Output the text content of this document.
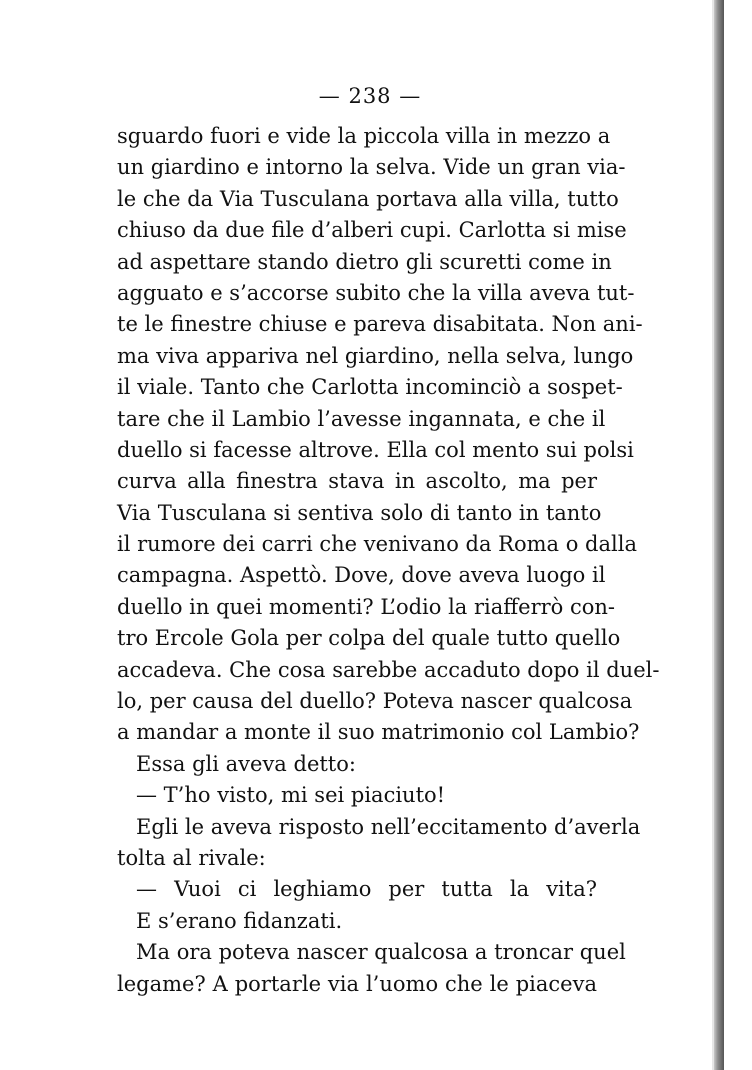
— 238 —
sguardo fuori e vide la piccola villa in mezzo a
un giardino e intorno la selva. Vide un gran via-
le che da Via Tusculana portava alla villa, tutto
chiuso da due file d’alberi cupi. Carlotta si mise
ad aspettare stando dietro gli scuretti come in
agguato e s’accorse subito che la villa aveva tut-
te le finestre chiuse e pareva disabitata. Non ani-
ma viva appariva nel giardino, nella selva, lungo
il viale. Tanto che Carlotta incominciò a sospet-
tare che il Lambio l’avesse ingannata, e che il
duello si facesse altrove. Ella col mento sui polsi
curva alla finestra stava in ascolto, ma per
Via Tusculana si sentiva solo di tanto in tanto
il rumore dei carri che venivano da Roma o dalla
campagna. Aspettò. Dove, dove aveva luogo il
duello in quei momenti? L’odio la riafferrò con-
tro Ercole Gola per colpa del quale tutto quello
accadeva. Che cosa sarebbe accaduto dopo il duel-
lo, per causa del duello? Poteva nascer qualcosa
a mandar a monte il suo matrimonio col Lambio?
Essa gli aveva detto:
— T’ho visto, mi sei piaciuto!
Egli le aveva risposto nell’eccitamento d’averla
tolta al rivale:
— Vuoi ci leghiamo per tutta la vita?
E s’erano fidanzati.
Ma ora poteva nascer qualcosa a troncar quel
legame? A portarle via l’uomo che le piaceva
